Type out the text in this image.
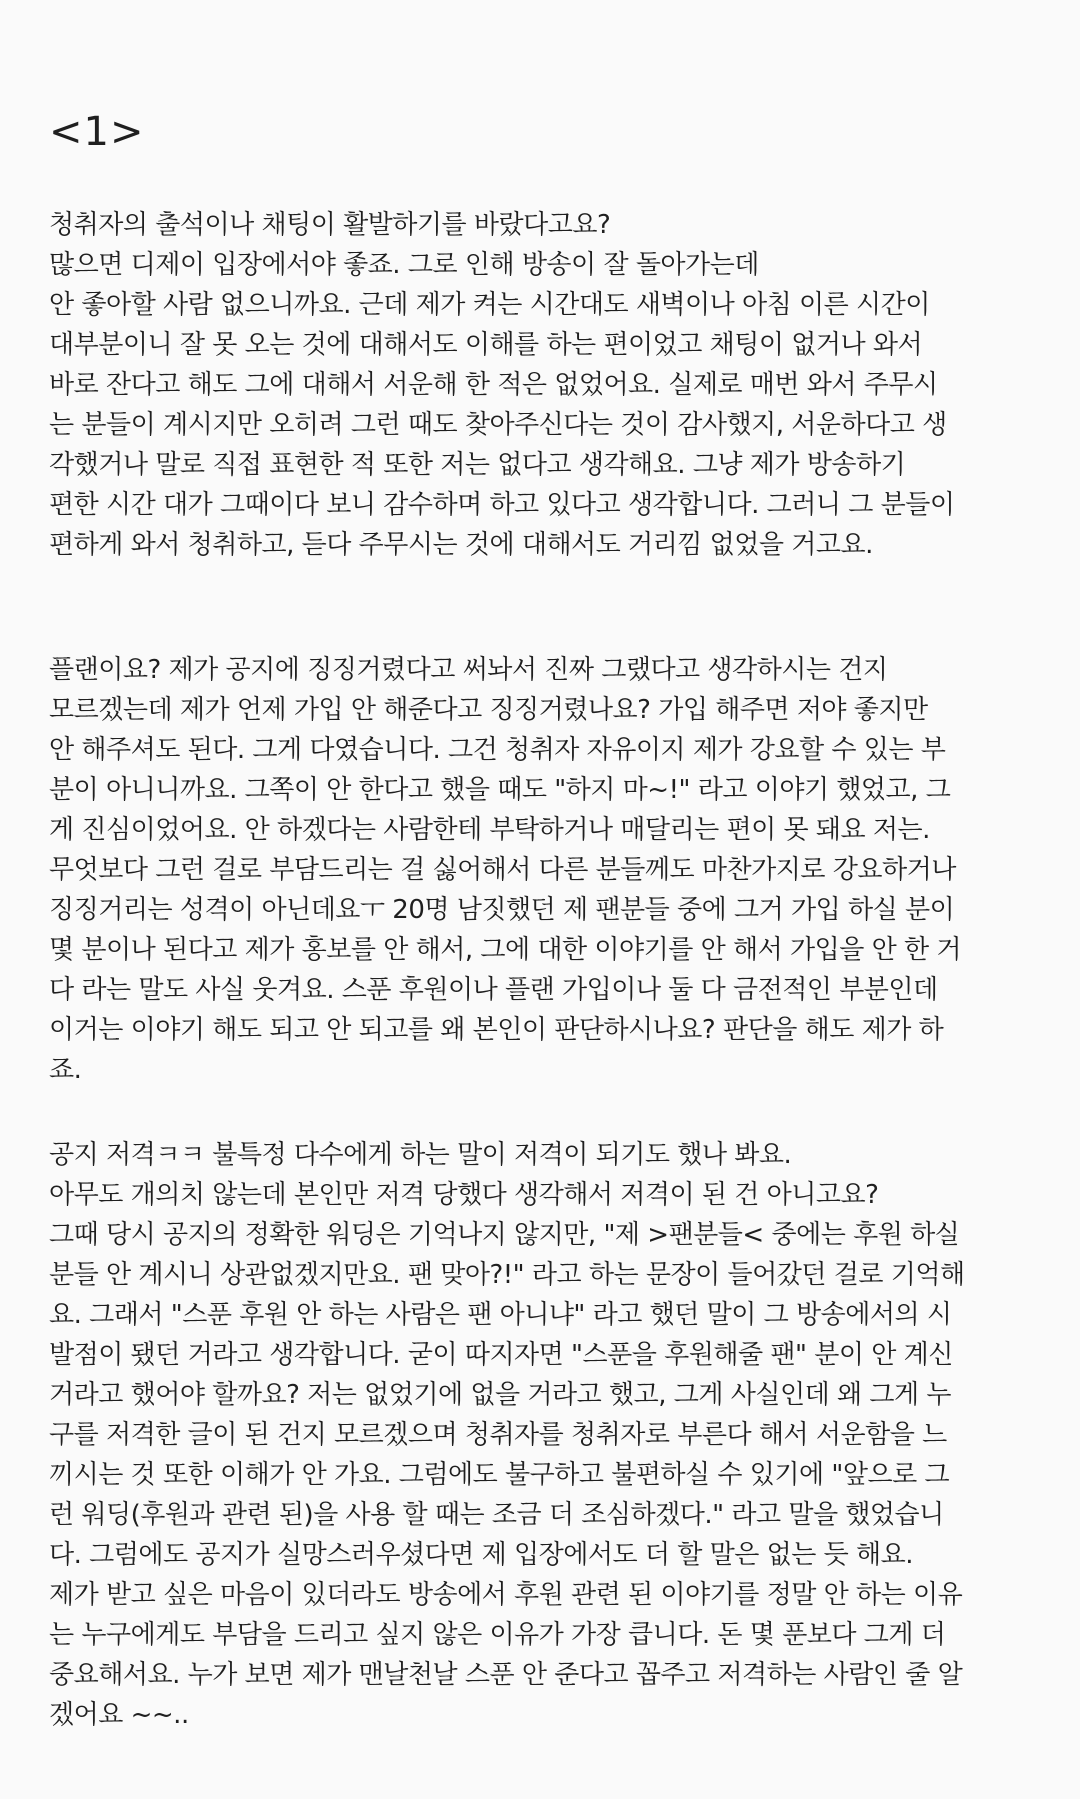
<1>
청취자의 출석이나 채팅이 활발하기를 바랐다고요?
많으면 디제이 입장에서야 좋죠. 그로 인해 방송이 잘 돌아가는데
안 좋아할 사람 없으니까요. 근데 제가 켜는 시간대도 새벽이나 아침 이른 시간이
대부분이니 잘 못 오는 것에 대해서도 이해를 하는 편이었고 채팅이 없거나 와서
바로 잔다고 해도 그에 대해서 서운해 한 적은 없었어요. 실제로 매번 와서 주무시
는 분들이 계시지만 오히려 그런 때도 찾아주신다는 것이 감사했지, 서운하다고 생
각했거나 말로 직접 표현한 적 또한 저는 없다고 생각해요. 그냥 제가 방송하기
편한 시간 대가 그때이다 보니 감수하며 하고 있다고 생각합니다. 그러니 그 분들이
편하게 와서 청취하고, 듣다 주무시는 것에 대해서도 거리낌 없었을 거고요.
플랜이요? 제가 공지에 징징거렸다고 써놔서 진짜 그랬다고 생각하시는 건지
모르겠는데 제가 언제 가입 안 해준다고 징징거렸나요? 가입 해주면 저야 좋지만
안 해주셔도 된다. 그게 다였습니다. 그건 청취자 자유이지 제가 강요할 수 있는 부
분이 아니니까요. 그쪽이 안 한다고 했을 때도 "하지 마~!" 라고 이야기 했었고, 그
게 진심이었어요. 안 하겠다는 사람한테 부탁하거나 매달리는 편이 못 돼요 저는.
무엇보다 그런 걸로 부담드리는 걸 싫어해서 다른 분들께도 마찬가지로 강요하거나
징징거리는 성격이 아닌데요ㅜ 20명 남짓했던 제 팬분들 중에 그거 가입 하실 분이
몇 분이나 된다고 제가 홍보를 안 해서, 그에 대한 이야기를 안 해서 가입을 안 한 거
다 라는 말도 사실 웃겨요. 스푼 후원이나 플랜 가입이나 둘 다 금전적인 부분인데
이거는 이야기 해도 되고 안 되고를 왜 본인이 판단하시나요? 판단을 해도 제가 하
죠.
공지 저격ㅋㅋ 불특정 다수에게 하는 말이 저격이 되기도 했나 봐요.
아무도 개의치 않는데 본인만 저격 당했다 생각해서 저격이 된 건 아니고요?
그때 당시 공지의 정확한 워딩은 기억나지 않지만, "제 >팬분들< 중에는 후원 하실
분들 안 계시니 상관없겠지만요. 팬 맞아?!" 라고 하는 문장이 들어갔던 걸로 기억해
요. 그래서 "스푼 후원 안 하는 사람은 팬 아니냐" 라고 했던 말이 그 방송에서의 시
발점이 됐던 거라고 생각합니다. 굳이 따지자면 "스푼을 후원해줄 팬" 분이 안 계신
거라고 했어야 할까요? 저는 없었기에 없을 거라고 했고, 그게 사실인데 왜 그게 누
구를 저격한 글이 된 건지 모르겠으며 청취자를 청취자로 부른다 해서 서운함을 느
끼시는 것 또한 이해가 안 가요. 그럼에도 불구하고 불편하실 수 있기에 "앞으로 그
런 워딩(후원과 관련 된)을 사용 할 때는 조금 더 조심하겠다." 라고 말을 했었습니
다. 그럼에도 공지가 실망스러우셨다면 제 입장에서도 더 할 말은 없는 듯 해요.
제가 받고 싶은 마음이 있더라도 방송에서 후원 관련 된 이야기를 정말 안 하는 이유
는 누구에게도 부담을 드리고 싶지 않은 이유가 가장 큽니다. 돈 몇 푼보다 그게 더
중요해서요. 누가 보면 제가 맨날천날 스푼 안 준다고 꼽주고 저격하는 사람인 줄 알
겠어요 ~~..
